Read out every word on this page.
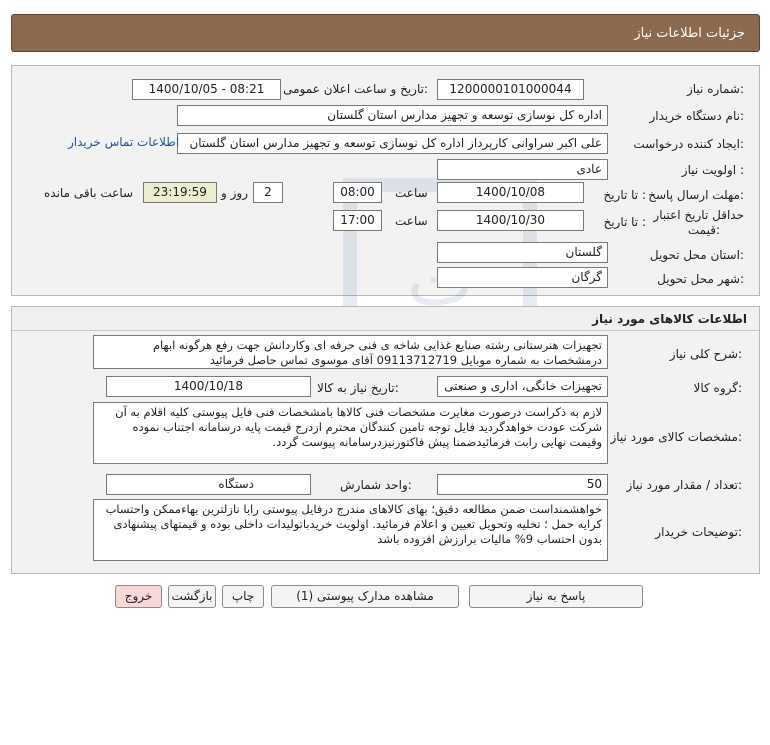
جزئیات اطلاعات نیاز
شماره نیاز:
1200000101000044
تاریخ و ساعت اعلان عمومی:
1400/10/05 - 08:21
نام دستگاه خریدار:
اداره کل نوسازی توسعه و تجهیز مدارس استان گلستان
ایجاد کننده درخواست:
علی اکبر سراوانی کارپرداز اداره کل نوسازی توسعه و تجهیز مدارس استان گلستان
اطلاعات تماس خریدار
اولویت نیاز :
عادی
مهلت ارسال پاسخ:
تا تاریخ :
1400/10/08
ساعت
08:00
2
روز و
23:19:59
ساعت باقی مانده
حداقل تاریخ اعتبار
قیمت:
تا تاریخ :
1400/10/30
ساعت
17:00
استان محل تحویل:
گلستان
شهر محل تحویل:
گرگان
اطلاعات کالاهای مورد نیاز
شرح کلی نیاز:
تجهیزات هنرستانی رشته صنایع غذایی شاخه ی فنی حرفه ای وکاردانش جهت رفع هرگونه ابهام درمشخصات به شماره موبایل 09113712719 آقای موسوی تماس حاصل فرمائید
گروه کالا:
تجهیزات خانگی، اداری و صنعتی
تاریخ نیاز به کالا:
1400/10/18
مشخصات کالای مورد نیاز:
لازم به ذکراست درصورت مغایرت مشخصات فنی کالاها بامشخصات فنی فایل پیوستی کلیه اقلام به آن شرکت عودت خواهدگردید فایل توجه تامین کنندگان محترم ازدرج قیمت پایه درسامانه اجتناب نموده وقیمت نهایی رابت فرمائیدضمنا پیش فاکتورنیزدرسامانه پیوست گردد.
تعداد / مقدار مورد نیاز:
50
واحد شمارش:
دستگاه
توضیحات خریدار:
خواهشمنداست ضمن مطالعه دقیق؛ بهای کالاهای مندرج درفایل پیوستی رابا نازلترین بهاءممکن واحتساب کرایه حمل ؛ تخلیه وتحویل تعیین و اعلام فرمائید. اولویت خریدباتولیدات داخلی بوده و قیمتهای پیشنهادی بدون احتساب 9% مالیات برارزش افزوده باشد
پاسخ به نیاز
مشاهده مدارک پیوستی (1)
چاپ
بازگشت
خروج
